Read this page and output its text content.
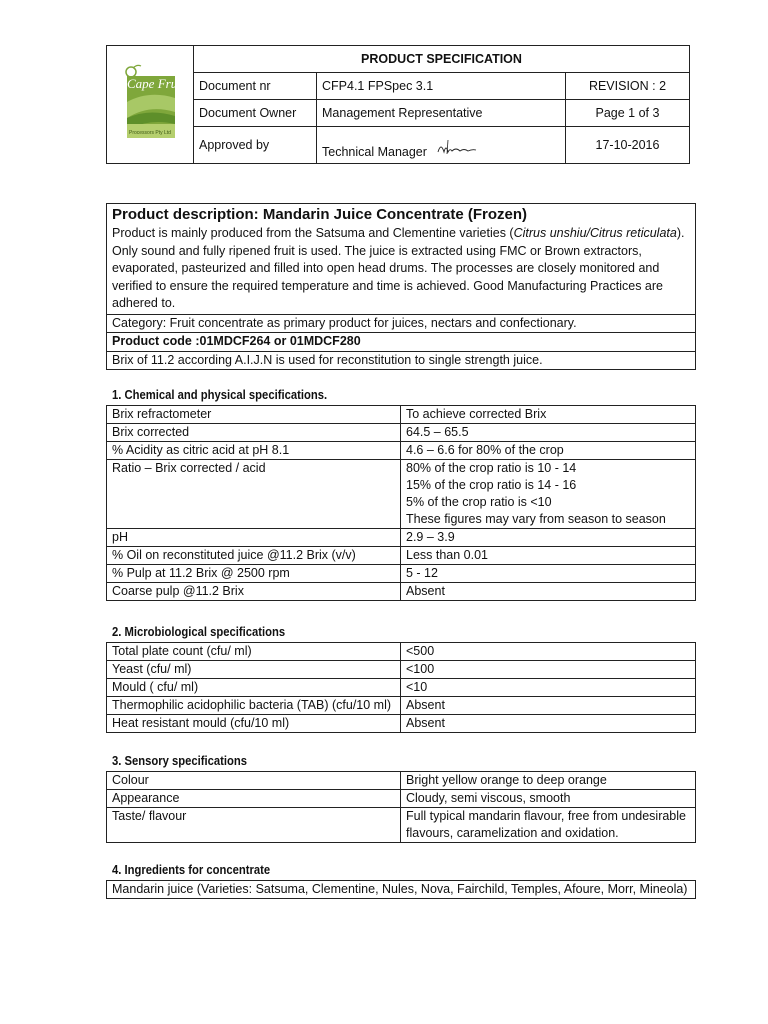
Cape Fruit
Processors Pty Ltd	PRODUCT SPECIFICATION		
	Document nr	CFP4.1 FPSpec 3.1	REVISION : 2
	Document Owner	Management Representative	Page 1 of 3
	Approved by	Technical Manager	17-10-2016
Product description: Mandarin Juice Concentrate (Frozen)
Product is mainly produced from the Satsuma and Clementine varieties (Citrus unshiu/Citrus reticulata). Only sound and fully ripened fruit is used. The juice is extracted using FMC or Brown extractors, evaporated, pasteurized and filled into open head drums. The processes are closely monitored and verified to ensure the required temperature and time is achieved. Good Manufacturing Practices are adhered to.

Category: Fruit concentrate as primary product for juices, nectars and confectionary.
Product code :01MDCF264 or 01MDCF280
Brix of 11.2 according A.I.J.N is used for reconstitution to single strength juice.
1. Chemical and physical specifications.
Brix refractometer	To achieve corrected Brix
Brix corrected	64.5 – 65.5
% Acidity as citric acid at pH 8.1	4.6 – 6.6 for 80% of the crop
Ratio – Brix corrected / acid	80% of the crop ratio is 10 - 14
15% of the crop ratio is 14 - 16
5% of the crop ratio is <10
These figures may vary from season to season
pH	2.9 – 3.9
% Oil on reconstituted juice @11.2 Brix (v/v)	Less than 0.01
% Pulp at 11.2 Brix @ 2500 rpm	5 - 12
Coarse pulp @11.2 Brix	Absent
2. Microbiological specifications
Total plate count (cfu/ ml)	<500
Yeast (cfu/ ml)	<100
Mould ( cfu/ ml)	<10
Thermophilic acidophilic bacteria (TAB) (cfu/10 ml)	Absent
Heat resistant mould (cfu/10 ml)	Absent
3. Sensory specifications
Colour	Bright yellow orange to deep orange
Appearance	Cloudy, semi viscous, smooth
Taste/ flavour	Full typical mandarin flavour, free from undesirable
flavours, caramelization and oxidation.
4. Ingredients for concentrate
Mandarin juice (Varieties: Satsuma, Clementine, Nules, Nova, Fairchild, Temples, Afoure, Morr, Mineola)
